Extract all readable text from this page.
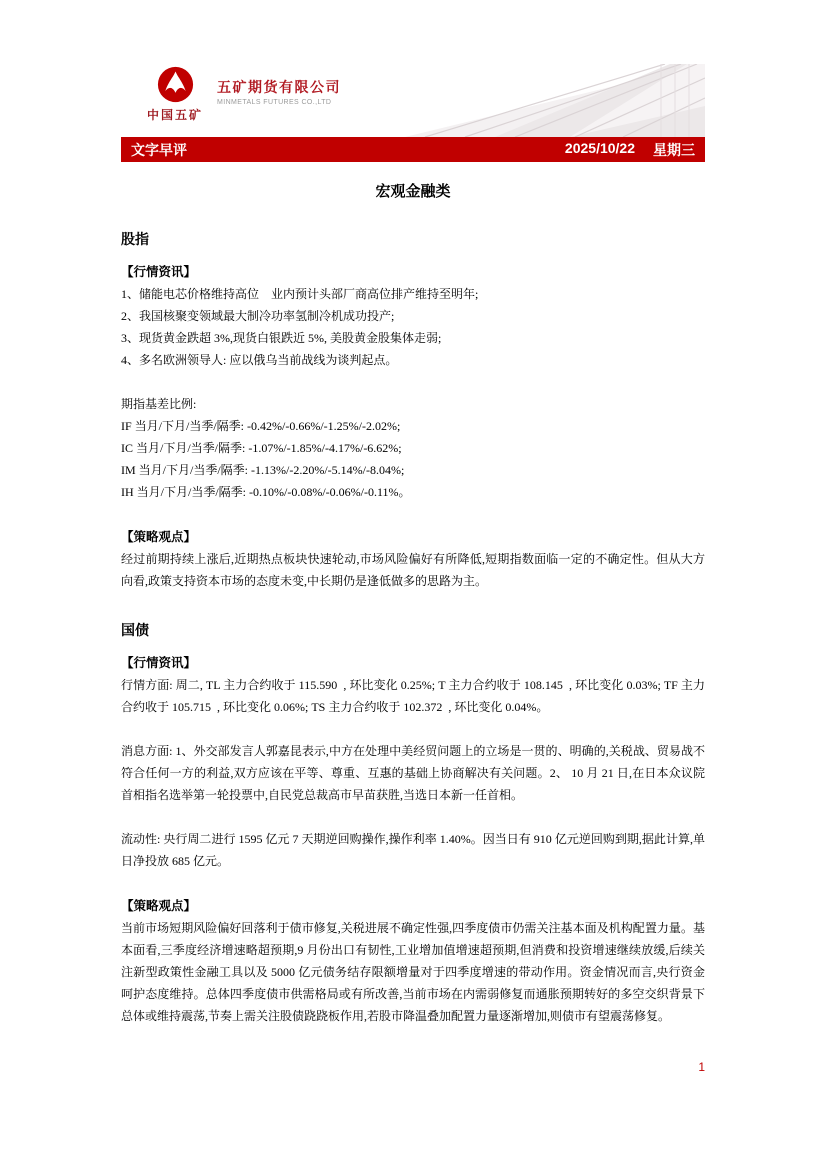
中国五矿
五矿期货有限公司
MINMETALS FUTURES CO.,LTD
文字早评	2025/10/22 星期三
宏观金融类
股指
【行情资讯】
1、储能电芯价格维持高位　业内预计头部厂商高位排产维持至明年;
2、我国核聚变领域最大制冷功率氢制冷机成功投产;
3、现货黄金跌超 3%,现货白银跌近 5%, 美股黄金股集体走弱;
4、多名欧洲领导人: 应以俄乌当前战线为谈判起点。
期指基差比例:
IF 当月/下月/当季/隔季: -0.42%/-0.66%/-1.25%/-2.02%;
IC 当月/下月/当季/隔季: -1.07%/-1.85%/-4.17%/-6.62%;
IM 当月/下月/当季/隔季: -1.13%/-2.20%/-5.14%/-8.04%;
IH 当月/下月/当季/隔季: -0.10%/-0.08%/-0.06%/-0.11%。
【策略观点】

经过前期持续上涨后,近期热点板块快速轮动,市场风险偏好有所降低,短期指数面临一定的不确定性。但从大方向看,政策支持资本市场的态度未变,中长期仍是逢低做多的思路为主。

国债
【行情资讯】

行情方面: 周二, TL 主力合约收于 115.590  , 环比变化 0.25%; T 主力合约收于 108.145  , 环比变化 0.03%; TF 主力合约收于 105.715  , 环比变化 0.06%; TS 主力合约收于 102.372  , 环比变化 0.04%。

消息方面: 1、外交部发言人郭嘉昆表示,中方在处理中美经贸问题上的立场是一贯的、明确的,关税战、贸易战不符合任何一方的利益,双方应该在平等、尊重、互惠的基础上协商解决有关问题。2、 10 月 21 日,在日本众议院首相指名选举第一轮投票中,自民党总裁高市早苗获胜,当选日本新一任首相。

流动性: 央行周二进行 1595 亿元 7 天期逆回购操作,操作利率 1.40%。因当日有 910 亿元逆回购到期,据此计算,单日净投放 685 亿元。

【策略观点】

当前市场短期风险偏好回落利于债市修复,关税进展不确定性强,四季度债市仍需关注基本面及机构配置力量。基本面看,三季度经济增速略超预期,9 月份出口有韧性,工业增加值增速超预期,但消费和投资增速继续放缓,后续关注新型政策性金融工具以及 5000 亿元债务结存限额增量对于四季度增速的带动作用。资金情况而言,央行资金呵护态度维持。总体四季度债市供需格局或有所改善,当前市场在内需弱修复而通胀预期转好的多空交织背景下总体或维持震荡,节奏上需关注股债跷跷板作用,若股市降温叠加配置力量逐渐增加,则债市有望震荡修复。

1
